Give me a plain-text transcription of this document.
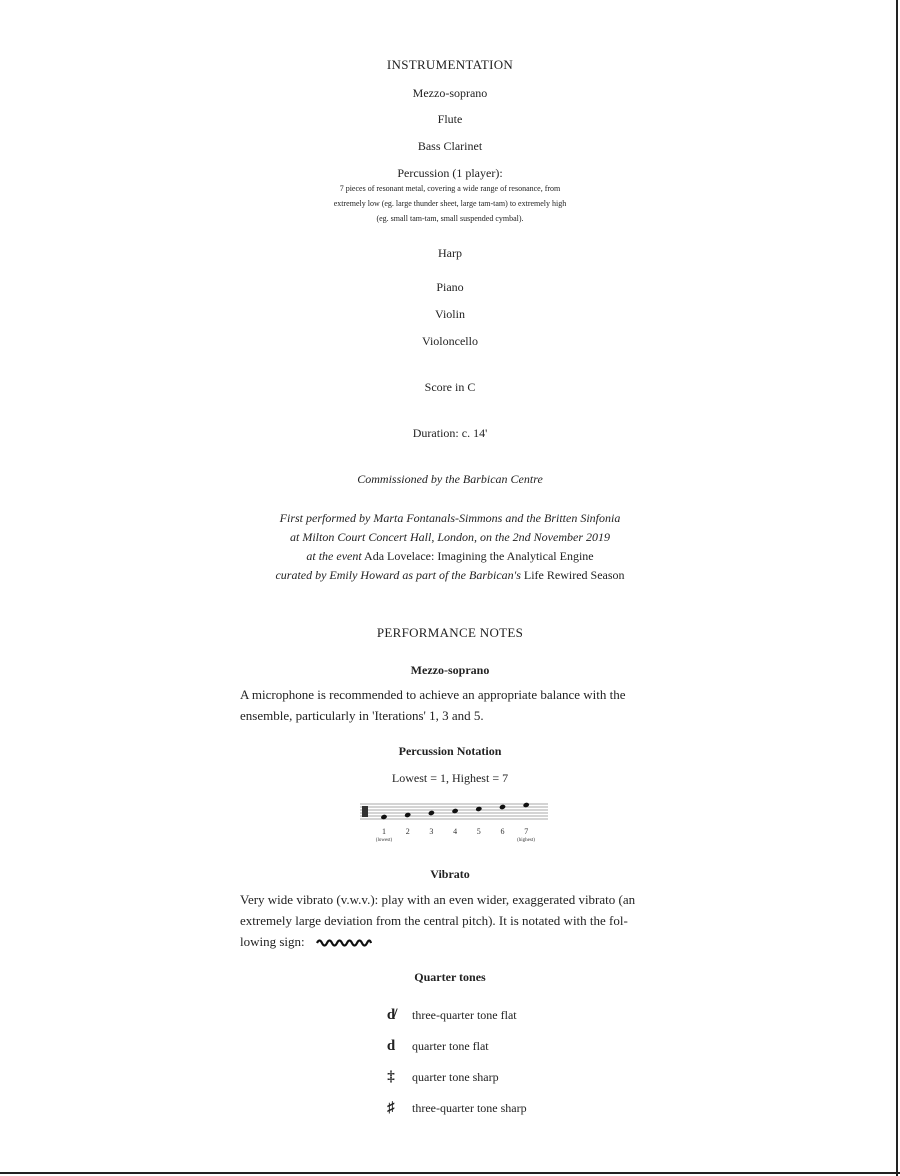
INSTRUMENTATION
Mezzo-soprano
Flute
Bass Clarinet
Percussion (1 player):
7 pieces of resonant metal, covering a wide range of resonance, from
extremely low (eg. large thunder sheet, large tam-tam) to extremely high
(eg. small tam-tam, small suspended cymbal).
Harp
Piano
Violin
Violoncello
Score in C
Duration: c. 14'
Commissioned by the Barbican Centre
First performed by Marta Fontanals-Simmons and the Britten Sinfonia
at Milton Court Concert Hall, London, on the 2nd November 2019
at the event Ada Lovelace: Imagining the Analytical Engine
curated by Emily Howard as part of the Barbican's Life Rewired Season
PERFORMANCE NOTES
Mezzo-soprano
A microphone is recommended to achieve an appropriate balance with the
ensemble, particularly in 'Iterations' 1, 3 and 5.
Percussion Notation
Lowest = 1, Highest = 7
1 2 3 4 5 6 7
(lowest)	(highest)
Vibrato
Very wide vibrato (v.w.v.): play with an even wider, exaggerated vibrato (an
extremely large deviation from the central pitch). It is notated with the fol-
lowing sign:
Quarter tones
d̸ three-quarter tone flat
d quarter tone flat
‡ quarter tone sharp
♯ three-quarter tone sharp
